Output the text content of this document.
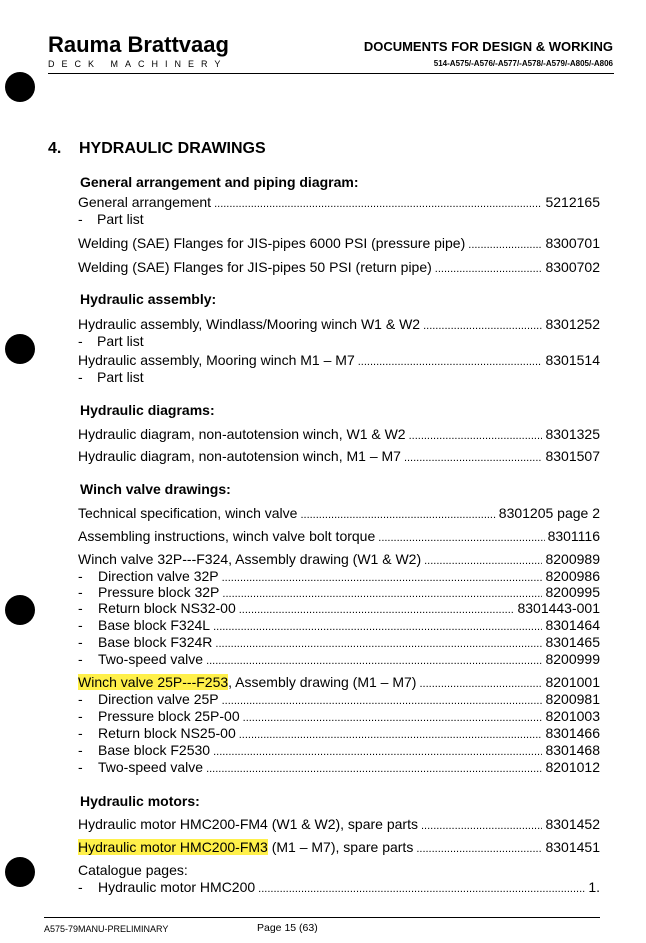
Rauma Brattvaag
DECK MACHINERY
DOCUMENTS FOR DESIGN & WORKING
514-A575/-A576/-A577/-A578/-A579/-A805/-A806
4. HYDRAULIC DRAWINGS
General arrangement and piping diagram:
General arrangement .....	5212165
- Part list
Welding (SAE) Flanges for JIS-pipes 6000 PSI (pressure pipe) .....	8300701
Welding (SAE) Flanges for JIS-pipes 50 PSI (return pipe) .....	8300702
Hydraulic assembly:
Hydraulic assembly, Windlass/Mooring winch W1 & W2 .....	8301252
- Part list
Hydraulic assembly, Mooring winch M1 – M7 .....	8301514
- Part list
Hydraulic diagrams:
Hydraulic diagram, non-autotension winch, W1 & W2 .....	8301325
Hydraulic diagram, non-autotension winch, M1 – M7 .....	8301507
Winch valve drawings:
Technical specification, winch valve .....	8301205 page 2
Assembling instructions, winch valve bolt torque .....	8301116
Winch valve 32P---F324, Assembly drawing (W1 & W2) .....	8200989
- Direction valve 32P .....	8200986
- Pressure block 32P .....	8200995
- Return block NS32-00 .....	8301443-001
- Base block F324L .....	8301464
- Base block F324R .....	8301465
- Two-speed valve .....	8200999
Winch valve 25P---F253, Assembly drawing (M1 – M7) .....	8201001
- Direction valve 25P .....	8200981
- Pressure block 25P-00 .....	8201003
- Return block NS25-00 .....	8301466
- Base block F2530 .....	8301468
- Two-speed valve .....	8201012
Hydraulic motors:
Hydraulic motor HMC200-FM4 (W1 & W2), spare parts .....	8301452
Hydraulic motor HMC200-FM3 (M1 – M7), spare parts .....	8301451
Catalogue pages:
- Hydraulic motor HMC200 .....	1.
A575-79MANU-PRELIMINARY	Page 15 (63)
